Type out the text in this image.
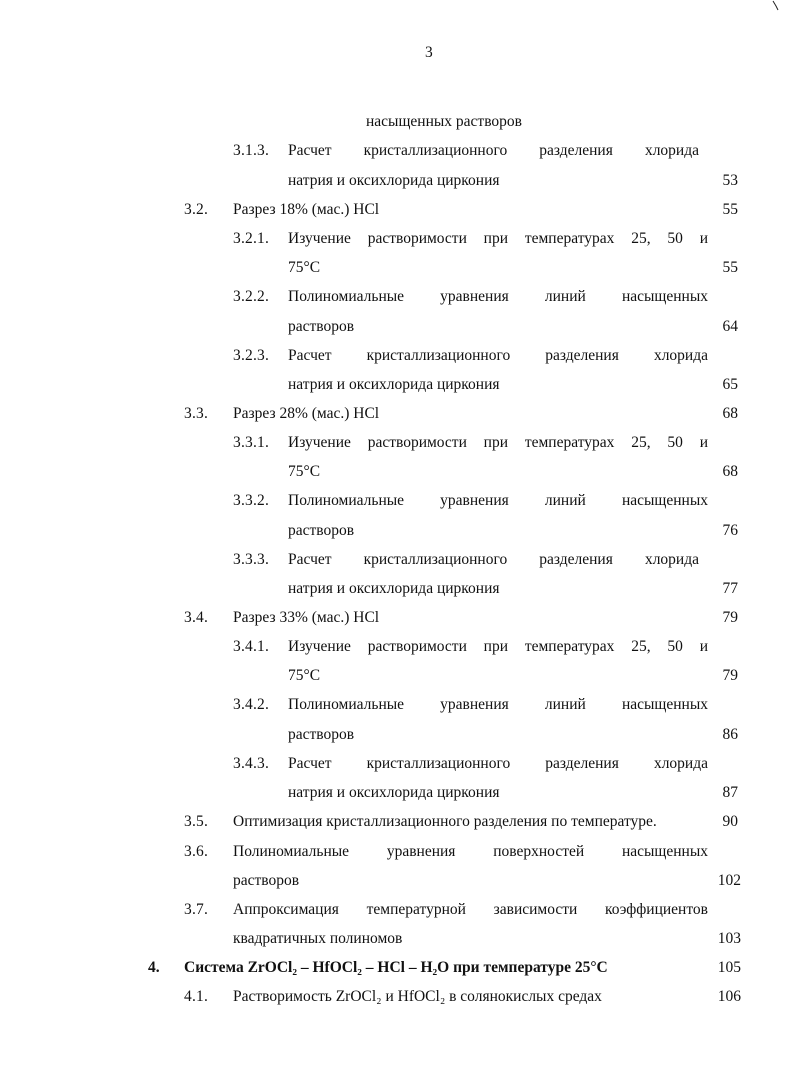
3
насыщенных растворов
3.1.3. Расчет кристаллизационного разделения хлорида
натрия и оксихлорида циркония	53
3.2. Разрез 18% (мас.) HCl	55
3.2.1. Изучение растворимости при температурах 25, 50 и
75°C	55
3.2.2. Полиномиальные уравнения линий насыщенных
растворов	64
3.2.3. Расчет кристаллизационного разделения хлорида
натрия и оксихлорида циркония	65
3.3. Разрез 28% (мас.) HCl	68
3.3.1. Изучение растворимости при температурах 25, 50 и
75°C	68
3.3.2. Полиномиальные уравнения линий насыщенных
растворов	76
3.3.3. Расчет кристаллизационного разделения хлорида
натрия и оксихлорида циркония	77
3.4. Разрез 33% (мас.) HCl	79
3.4.1. Изучение растворимости при температурах 25, 50 и
75°C	79
3.4.2. Полиномиальные уравнения линий насыщенных
растворов	86
3.4.3. Расчет кристаллизационного разделения хлорида
натрия и оксихлорида циркония	87
3.5. Оптимизация кристаллизационного разделения по температуре.	90
3.6. Полиномиальные уравнения поверхностей насыщенных
растворов	102
3.7. Аппроксимация температурной зависимости коэффициентов
квадратичных полиномов	103
4. Система ZrOCl₂ – HfOCl₂ – HCl – H₂O при температуре 25°C	105
4.1. Растворимость ZrOCl₂ и HfOCl₂ в солянокислых средах	106
